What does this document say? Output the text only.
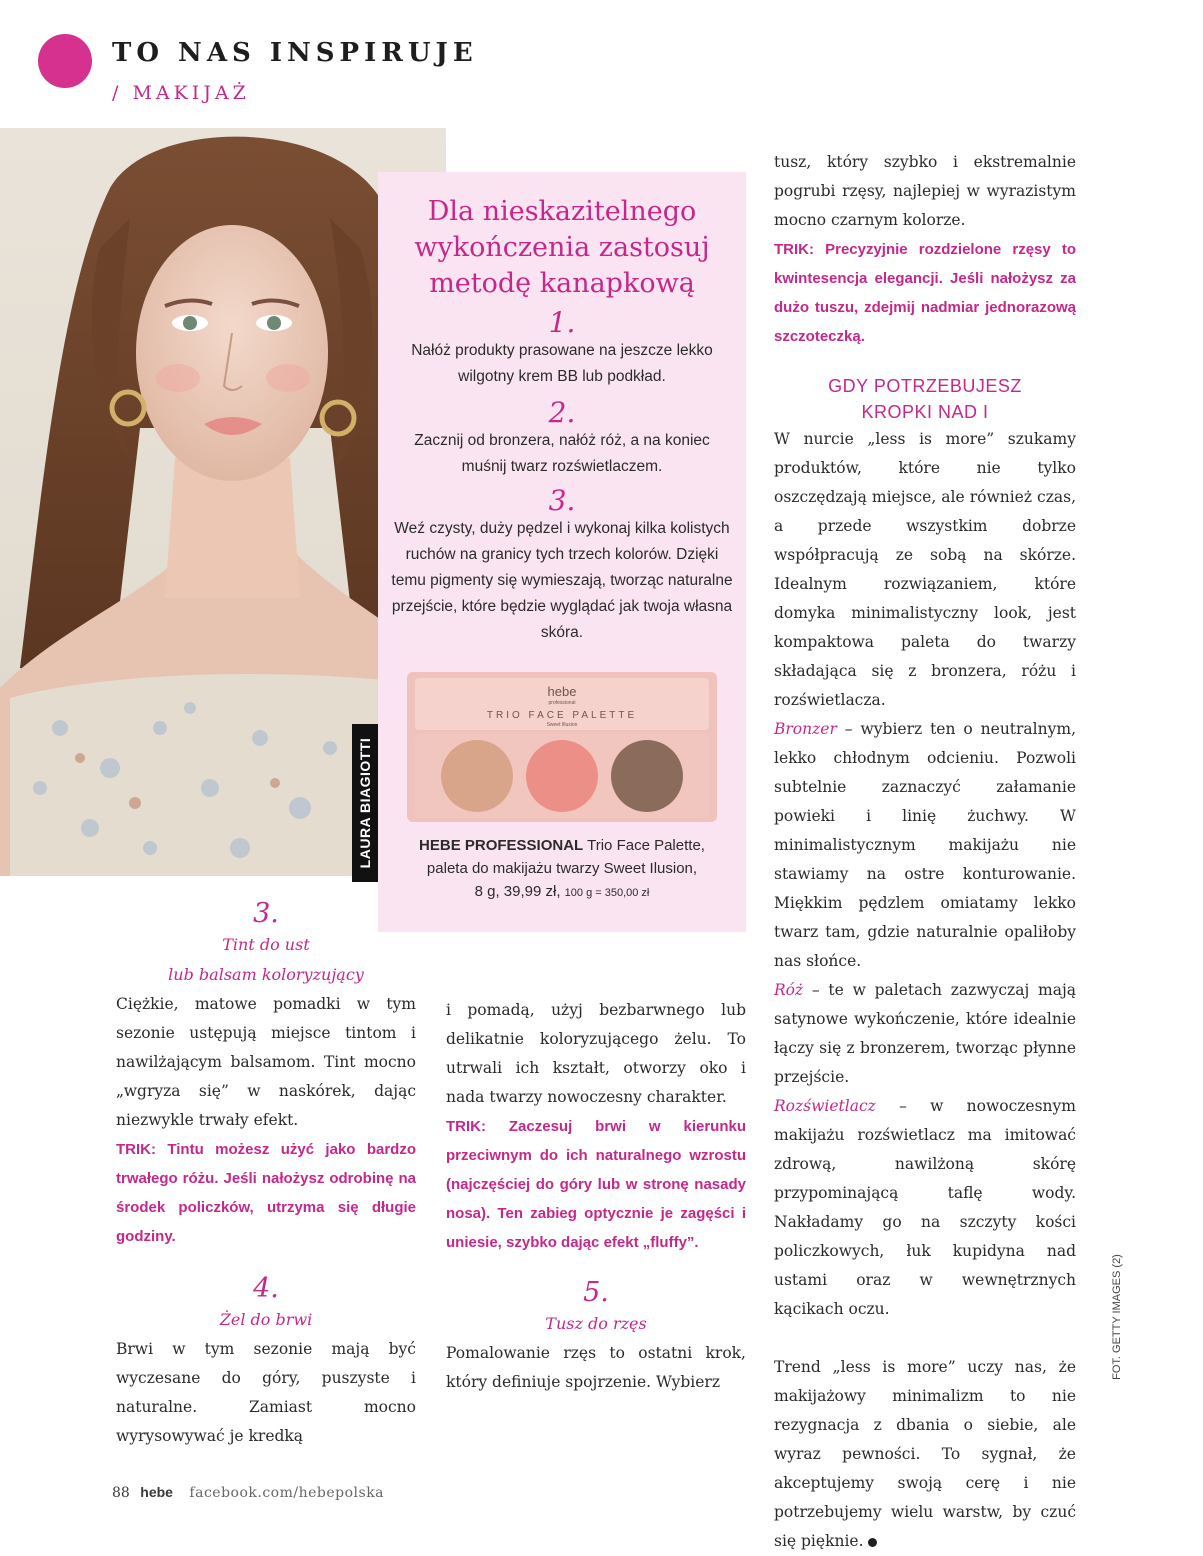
TO NAS INSPIRUJE
/ MAKIJAŻ
LAURA BIAGIOTTI
Dla nieskazitelnego wykończenia zastosuj metodę kanapkową
1.
Nałóż produkty prasowane na jeszcze lekko wilgotny krem BB lub podkład.
2.
Zacznij od bronzera, nałóż róż, a na koniec muśnij twarz rozświetlaczem.
3.
Weź czysty, duży pędzel i wykonaj kilka kolistych ruchów na granicy tych trzech kolorów. Dzięki temu pigmenty się wymieszają, tworząc naturalne przejście, które będzie wyglądać jak twoja własna skóra.
hebe
professional
TRIO FACE PALETTE
Sweet Illusion
HEBE PROFESSIONAL Trio Face Palette,
paleta do makijażu twarzy Sweet Ilusion,
8 g, 39,99 zł, 100 g = 350,00 zł
3.
Tint do ust
lub balsam koloryzujący

Ciężkie, matowe pomadki w tym sezonie ustępują miejsce tintom i nawilżającym balsamom. Tint mocno „wgryza się” w naskórek, dając niezwykle trwały efekt.

TRIK: Tintu możesz użyć jako bardzo trwałego różu. Jeśli nałożysz odrobinę na środek policzków, utrzyma się długie godziny.

4.
Żel do brwi

Brwi w tym sezonie mają być wyczesane do góry, puszyste i naturalne. Zamiast mocno wyrysowywać je kredką

i pomadą, użyj bezbarwnego lub delikatnie koloryzującego żelu. To utrwali ich kształt, otworzy oko i nada twarzy nowoczesny charakter.

TRIK: Zaczesuj brwi w kierunku przeciwnym do ich naturalnego wzrostu (najczęściej do góry lub w stronę nasady nosa). Ten zabieg optycznie je zagęści i uniesie, szybko dając efekt „fluffy”.

5.
Tusz do rzęs

Pomalowanie rzęs to ostatni krok, który definiuje spojrzenie. Wybierz

tusz, który szybko i ekstremalnie pogrubi rzęsy, najlepiej w wyrazistym mocno czarnym kolorze.

TRIK: Precyzyjnie rozdzielone rzęsy to kwintesencja elegancji. Jeśli nałożysz za dużo tuszu, zdejmij nadmiar jednorazową szczoteczką.

GDY POTRZEBUJESZ
KROPKI NAD I

W nurcie „less is more” szukamy produktów, które nie tylko oszczędzają miejsce, ale również czas, a przede wszystkim dobrze współpracują ze sobą na skórze. Idealnym rozwiązaniem, które domyka minimalistyczny look, jest kompaktowa paleta do twarzy składająca się z bronzera, różu i rozświetlacza.

Bronzer – wybierz ten o neutralnym, lekko chłodnym odcieniu. Pozwoli subtelnie zaznaczyć załamanie powieki i linię żuchwy. W minimalistycznym makijażu nie stawiamy na ostre konturowanie. Miękkim pędzlem omiatamy lekko twarz tam, gdzie naturalnie opaliłoby nas słońce.

Róż – te w paletach zazwyczaj mają satynowe wykończenie, które idealnie łączy się z bronzerem, tworząc płynne przejście.

Rozświetlacz – w nowoczesnym makijażu rozświetlacz ma imitować zdrową, nawilżoną skórę przypominającą taflę wody. Nakładamy go na szczyty kości policzkowych, łuk kupidyna nad ustami oraz w wewnętrznych kącikach oczu.

Trend „less is more” uczy nas, że makijażowy minimalizm to nie rezygnacja z dbania o siebie, ale wyraz pewności. To sygnał, że akceptujemy swoją cerę i nie potrzebujemy wielu warstw, by czuć się pięknie.

FOT. GETTY IMAGES (2)
88 hebe facebook.com/hebepolska
